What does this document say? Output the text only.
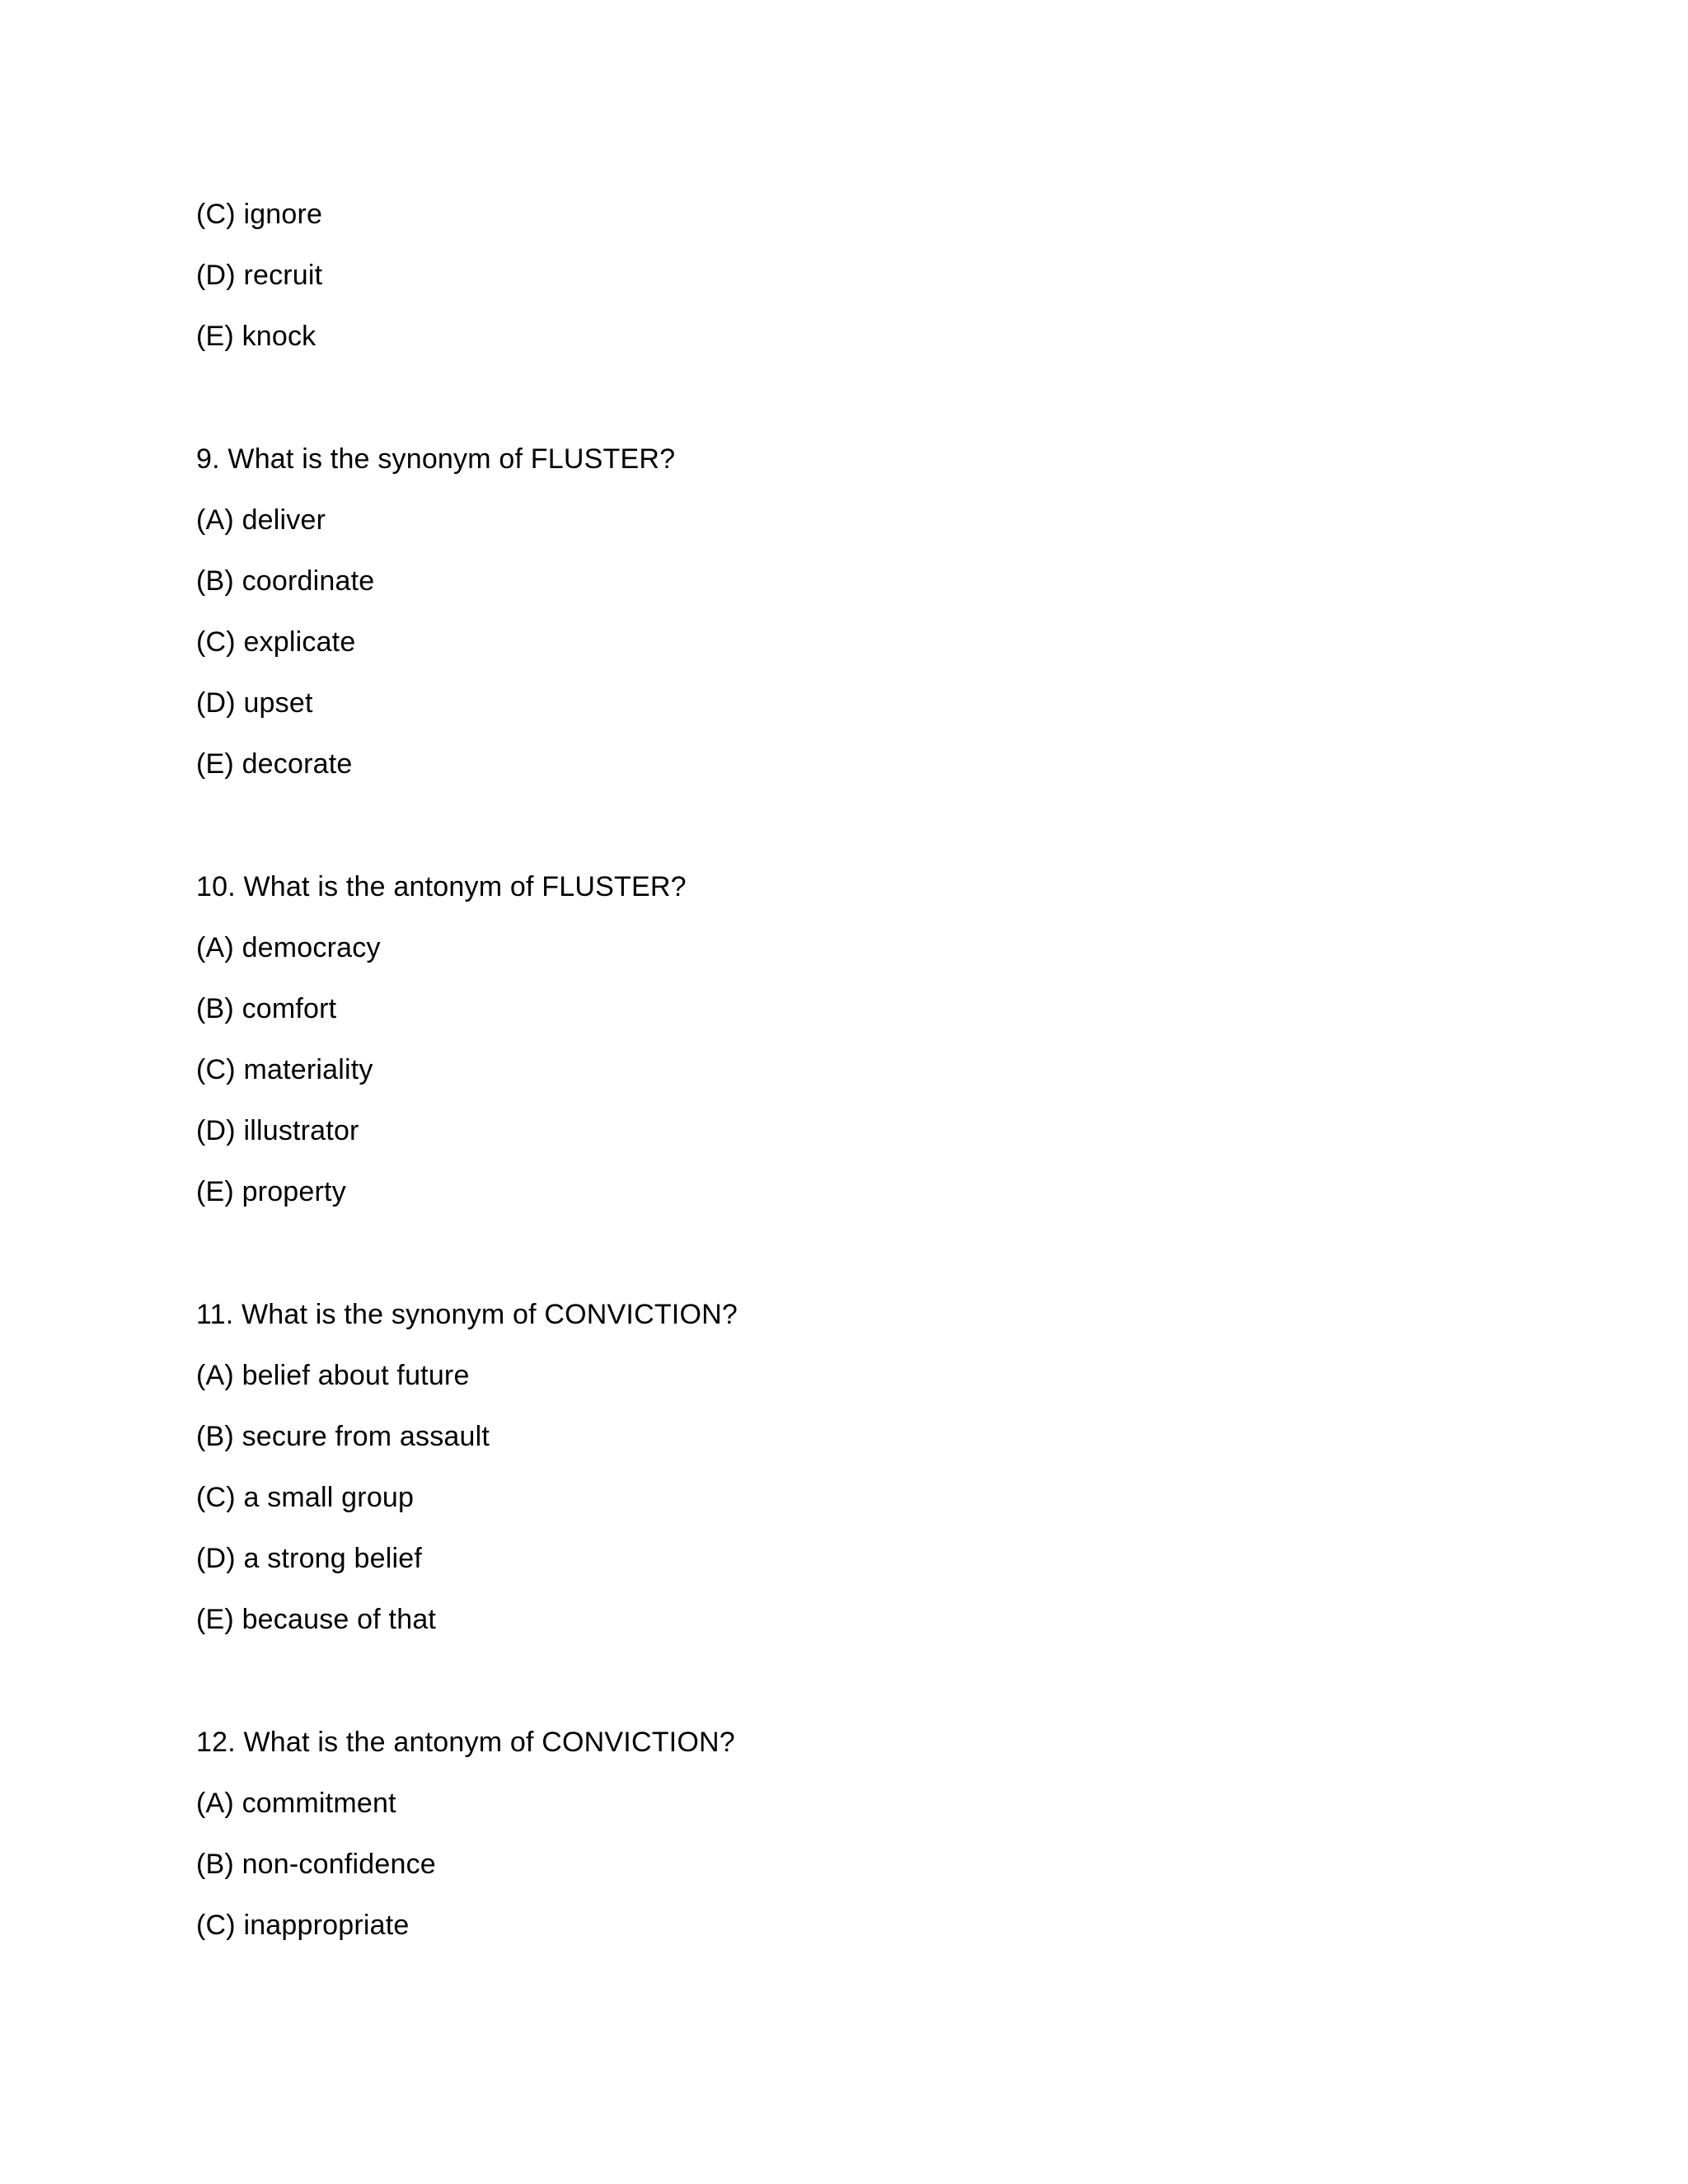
(C) ignore
(D) recruit
(E) knock
9. What is the synonym of FLUSTER?
(A) deliver
(B) coordinate
(C) explicate
(D) upset
(E) decorate
10. What is the antonym of FLUSTER?
(A) democracy
(B) comfort
(C) materiality
(D) illustrator
(E) property
11. What is the synonym of CONVICTION?
(A) belief about future
(B) secure from assault
(C) a small group
(D) a strong belief
(E) because of that
12. What is the antonym of CONVICTION?
(A) commitment
(B) non-confidence
(C) inappropriate
